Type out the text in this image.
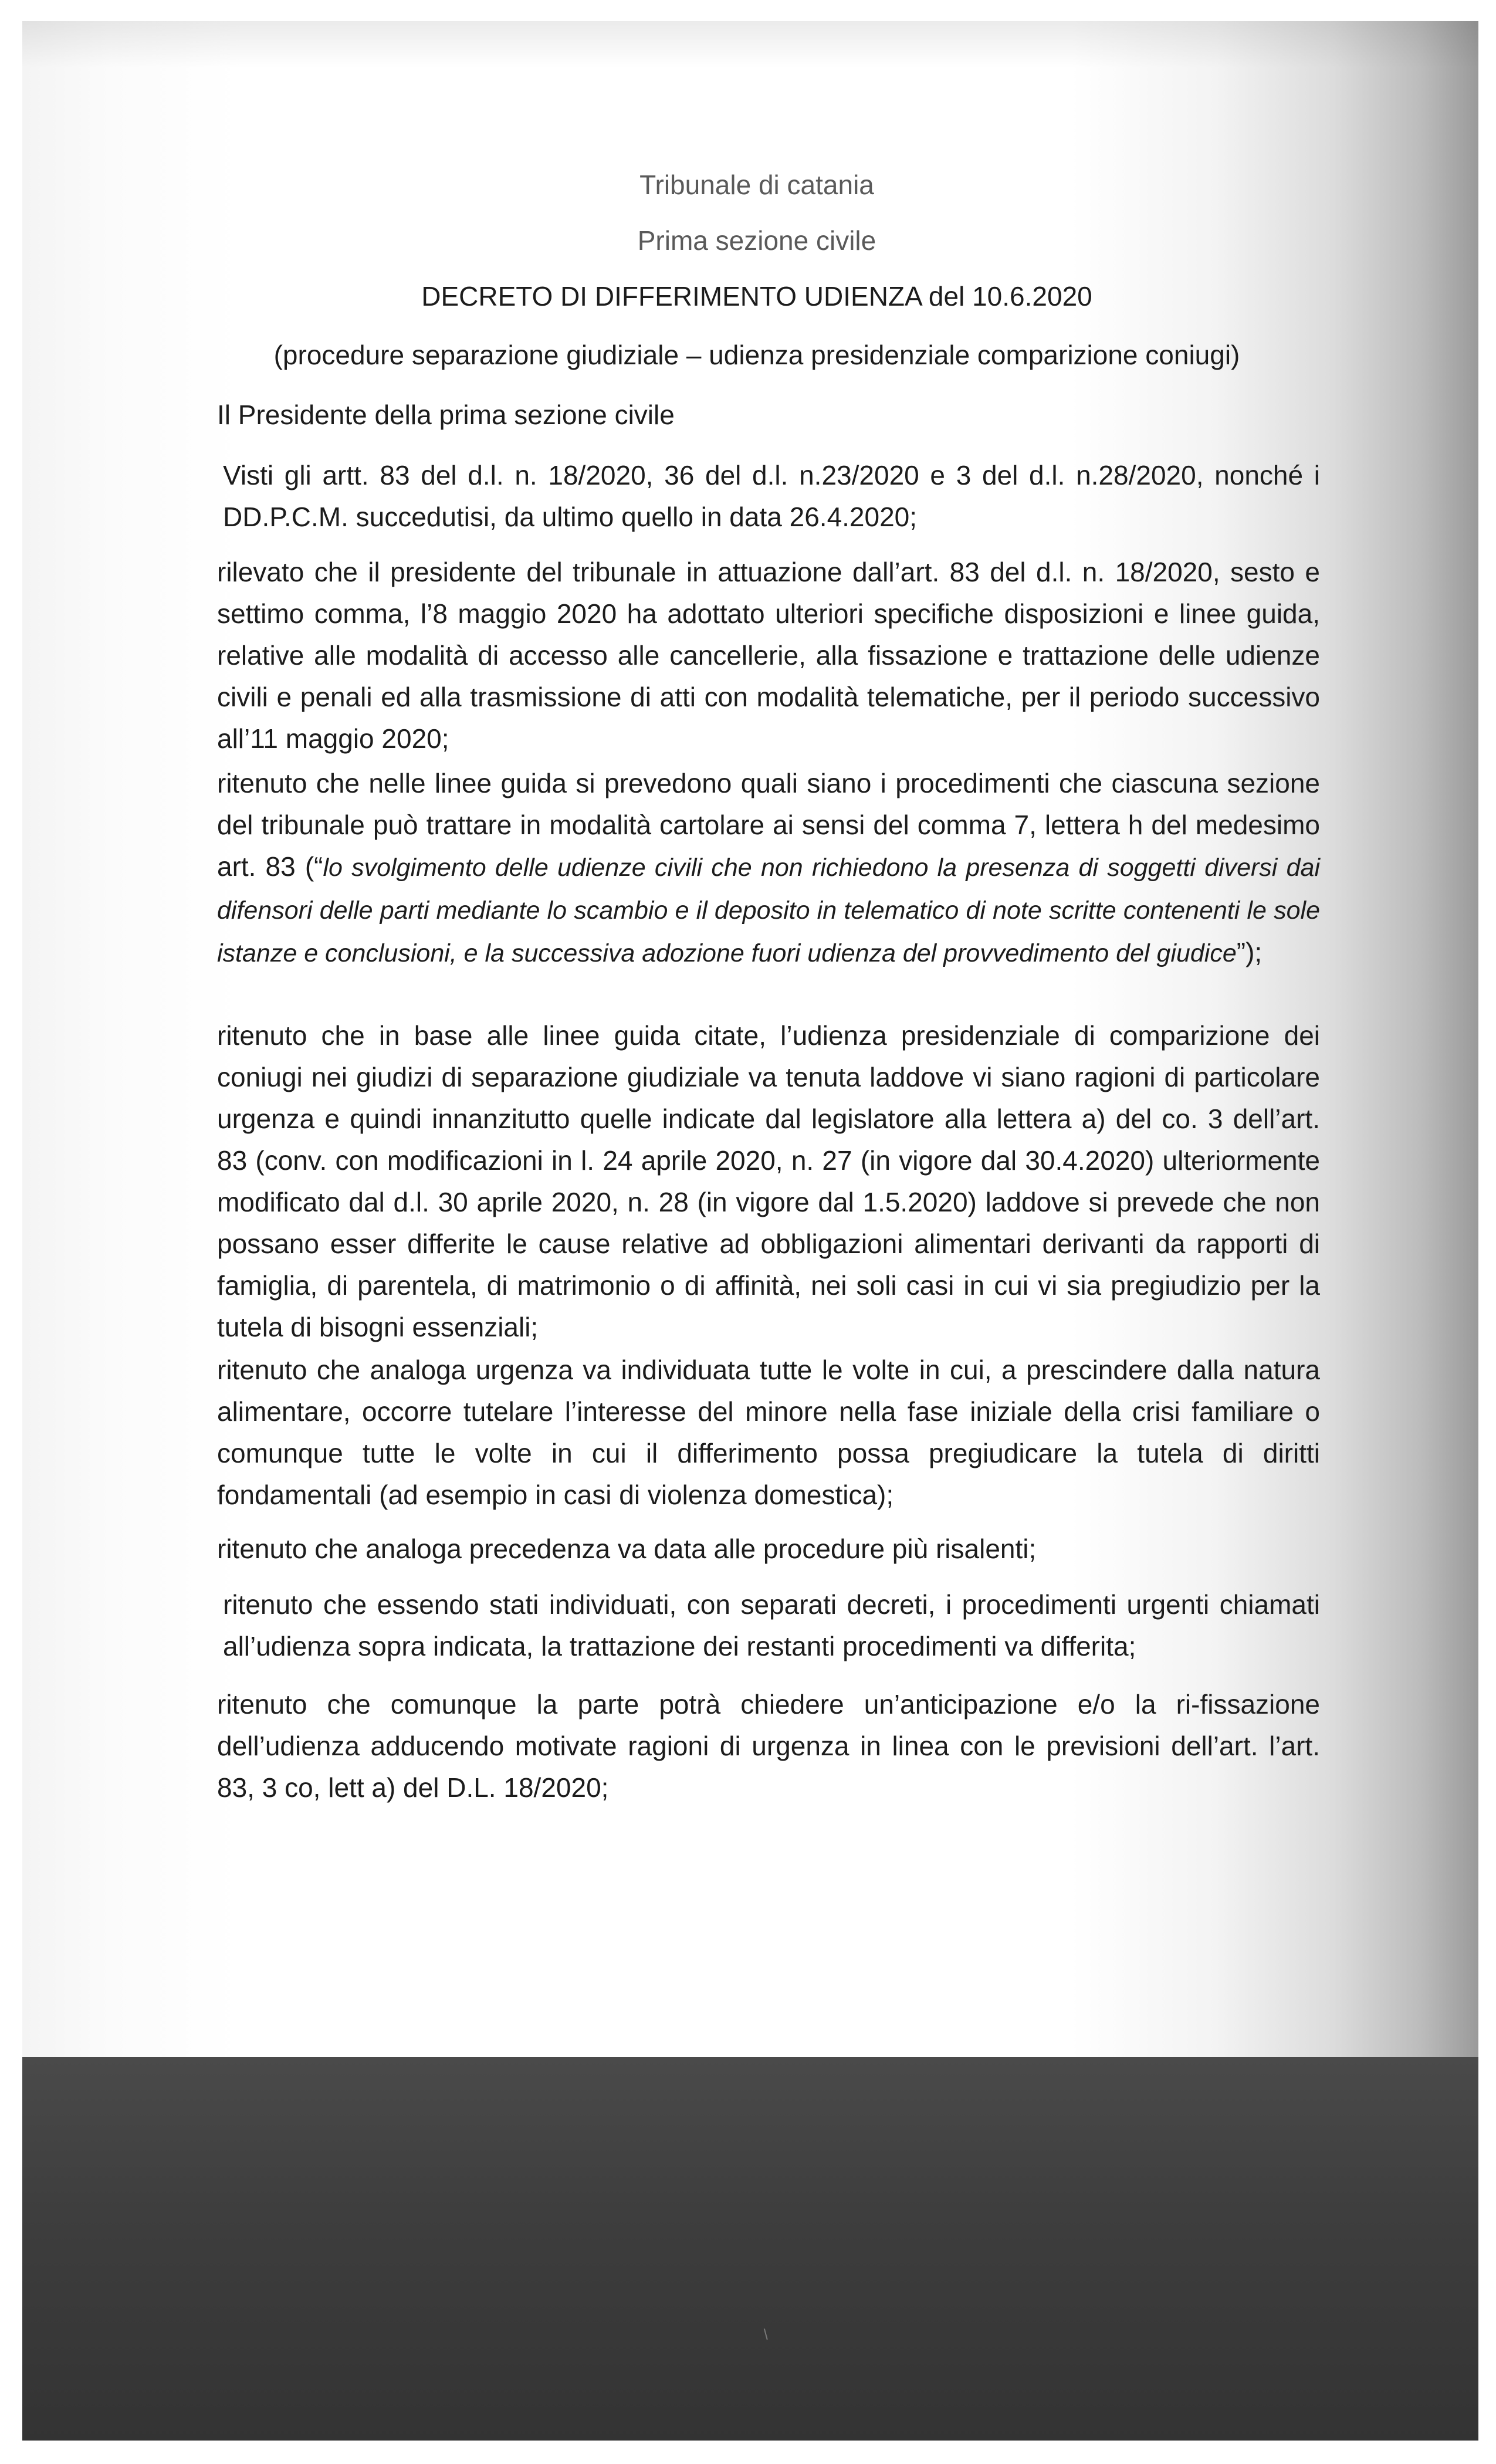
Tribunale di catania
Prima sezione civile
DECRETO DI DIFFERIMENTO UDIENZA del 10.6.2020
(procedure separazione giudiziale – udienza presidenziale comparizione coniugi)
Il Presidente della prima sezione civile
Visti gli artt. 83 del d.l. n. 18/2020, 36 del d.l. n.23/2020 e 3 del d.l. n.28/2020, nonché i DD.P.C.M. succedutisi, da ultimo quello in data 26.4.2020;
rilevato che il presidente del tribunale in attuazione dall’art. 83 del d.l. n. 18/2020, sesto e settimo comma, l’8 maggio 2020 ha adottato ulteriori specifiche disposizioni e linee guida, relative alle modalità di accesso alle cancellerie, alla fissazione e trattazione delle udienze civili e penali ed alla trasmissione di atti con modalità telematiche, per il periodo successivo all’11 maggio 2020;
ritenuto che nelle linee guida si prevedono quali siano i procedimenti che ciascuna sezione del tribunale può trattare in modalità cartolare ai sensi del comma 7, lettera h del medesimo art. 83 (“lo svolgimento delle udienze civili che non richiedono la presenza di soggetti diversi dai difensori delle parti mediante lo scambio e il deposito in telematico di note scritte contenenti le sole istanze e conclusioni, e la successiva adozione fuori udienza del provvedimento del giudice”);
ritenuto che in base alle linee guida citate, l’udienza presidenziale di comparizione dei coniugi nei giudizi di separazione giudiziale va tenuta laddove vi siano ragioni di particolare urgenza e quindi innanzitutto quelle indicate dal legislatore alla lettera a) del co. 3 dell’art. 83 (conv. con modificazioni in l. 24 aprile 2020, n. 27 (in vigore dal 30.4.2020) ulteriormente modificato dal d.l. 30 aprile 2020, n. 28 (in vigore dal 1.5.2020) laddove si prevede che non possano esser differite le cause relative ad obbligazioni alimentari derivanti da rapporti di famiglia, di parentela, di matrimonio o di affinità, nei soli casi in cui vi sia pregiudizio per la tutela di bisogni essenziali;
ritenuto che analoga urgenza va individuata tutte le volte in cui, a prescindere dalla natura alimentare, occorre tutelare l’interesse del minore nella fase iniziale della crisi familiare o comunque tutte le volte in cui il differimento possa pregiudicare la tutela di diritti fondamentali (ad esempio in casi di violenza domestica);
ritenuto che analoga precedenza va data alle procedure più risalenti;
ritenuto che essendo stati individuati, con separati decreti, i procedimenti urgenti chiamati all’udienza sopra indicata, la trattazione dei restanti procedimenti va differita;
ritenuto che comunque la parte potrà chiedere un’anticipazione e/o la ri-fissazione dell’udienza adducendo motivate ragioni di urgenza in linea con le previsioni dell’art. l’art. 83, 3 co, lett a) del D.L. 18/2020;
⸜
